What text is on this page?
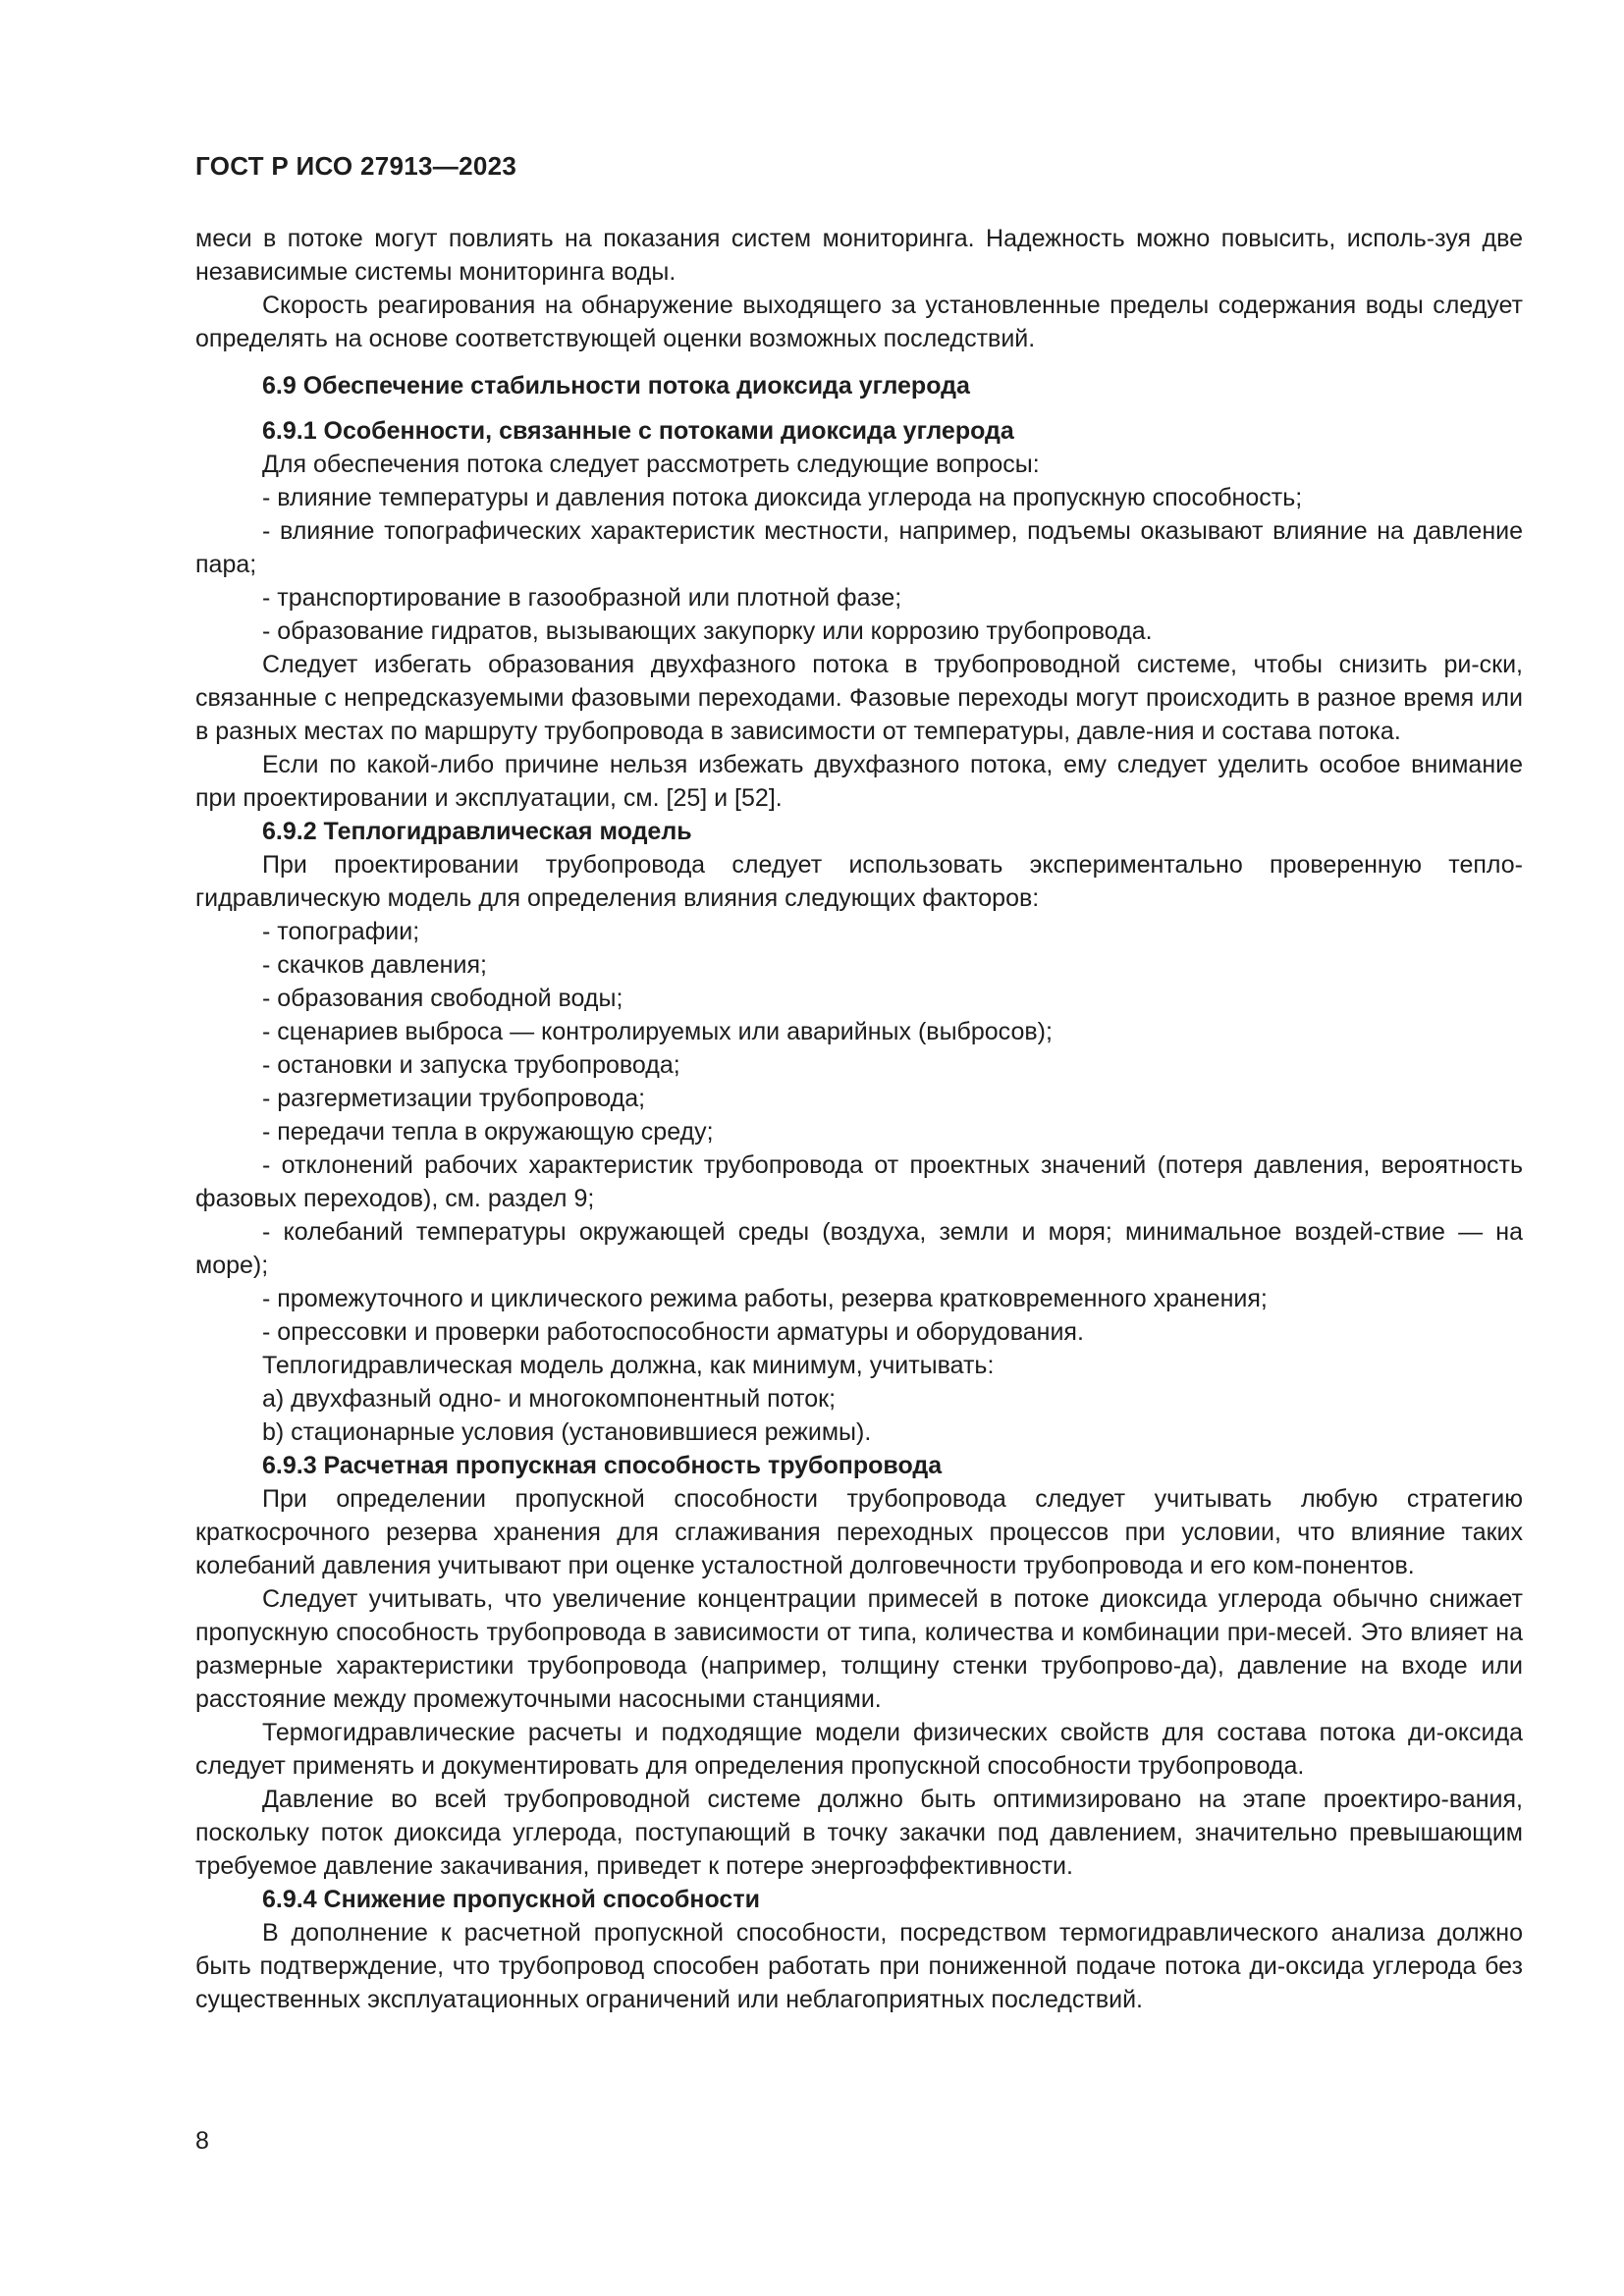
ГОСТ Р ИСО 27913—2023

меси в потоке могут повлиять на показания систем мониторинга. Надежность можно повысить, исполь-зуя две независимые системы мониторинга воды.

Скорость реагирования на обнаружение выходящего за установленные пределы содержания воды следует определять на основе соответствующей оценки возможных последствий.

6.9 Обеспечение стабильности потока диоксида углерода

6.9.1 Особенности, связанные с потоками диоксида углерода

Для обеспечения потока следует рассмотреть следующие вопросы:

- влияние температуры и давления потока диоксида углерода на пропускную способность;

- влияние топографических характеристик местности, например, подъемы оказывают влияние на давление пара;

- транспортирование в газообразной или плотной фазе;

- образование гидратов, вызывающих закупорку или коррозию трубопровода.

Следует избегать образования двухфазного потока в трубопроводной системе, чтобы снизить ри-ски, связанные с непредсказуемыми фазовыми переходами. Фазовые переходы могут происходить в разное время или в разных местах по маршруту трубопровода в зависимости от температуры, давле-ния и состава потока.

Если по какой-либо причине нельзя избежать двухфазного потока, ему следует уделить особое внимание при проектировании и эксплуатации, см. [25] и [52].

6.9.2 Теплогидравлическая модель

При проектировании трубопровода следует использовать экспериментально проверенную тепло-гидравлическую модель для определения влияния следующих факторов:

- топографии;

- скачков давления;

- образования свободной воды;

- сценариев выброса — контролируемых или аварийных (выбросов);

- остановки и запуска трубопровода;

- разгерметизации трубопровода;

- передачи тепла в окружающую среду;

- отклонений рабочих характеристик трубопровода от проектных значений (потеря давления, вероятность фазовых переходов), см. раздел 9;

- колебаний температуры окружающей среды (воздуха, земли и моря; минимальное воздей-ствие — на море);

- промежуточного и циклического режима работы, резерва кратковременного хранения;

- опрессовки и проверки работоспособности арматуры и оборудования.

Теплогидравлическая модель должна, как минимум, учитывать:

a) двухфазный одно- и многокомпонентный поток;

b) стационарные условия (установившиеся режимы).

6.9.3 Расчетная пропускная способность трубопровода

При определении пропускной способности трубопровода следует учитывать любую стратегию краткосрочного резерва хранения для сглаживания переходных процессов при условии, что влияние таких колебаний давления учитывают при оценке усталостной долговечности трубопровода и его ком-понентов.

Следует учитывать, что увеличение концентрации примесей в потоке диоксида углерода обычно снижает пропускную способность трубопровода в зависимости от типа, количества и комбинации при-месей. Это влияет на размерные характеристики трубопровода (например, толщину стенки трубопрово-да), давление на входе или расстояние между промежуточными насосными станциями.

Термогидравлические расчеты и подходящие модели физических свойств для состава потока ди-оксида следует применять и документировать для определения пропускной способности трубопровода.

Давление во всей трубопроводной системе должно быть оптимизировано на этапе проектиро-вания, поскольку поток диоксида углерода, поступающий в точку закачки под давлением, значительно превышающим требуемое давление закачивания, приведет к потере энергоэффективности.

6.9.4 Снижение пропускной способности

В дополнение к расчетной пропускной способности, посредством термогидравлического анализа должно быть подтверждение, что трубопровод способен работать при пониженной подаче потока ди-оксида углерода без существенных эксплуатационных ограничений или неблагоприятных последствий.

8
